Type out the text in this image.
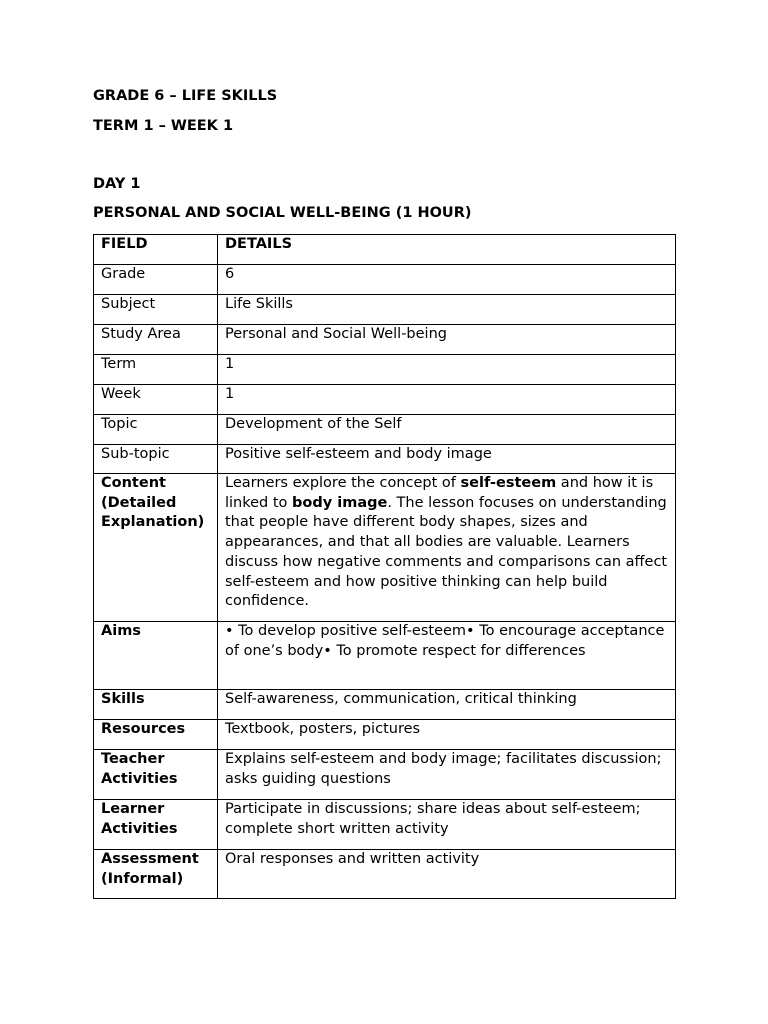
GRADE 6 – LIFE SKILLS
TERM 1 – WEEK 1
DAY 1
PERSONAL AND SOCIAL WELL-BEING (1 HOUR)
FIELD	DETAILS
Grade	6
Subject	Life Skills
Study Area	Personal and Social Well-being
Term	1
Week	1
Topic	Development of the Self
Sub-topic	Positive self-esteem and body image
Content (Detailed Explanation)	Learners explore the concept of self-esteem and how it is linked to body image. The lesson focuses on understanding that people have different body shapes, sizes and appearances, and that all bodies are valuable. Learners discuss how negative comments and comparisons can affect self-esteem and how positive thinking can help build confidence.
Aims	• To develop positive self-esteem• To encourage acceptance of one’s body• To promote respect for differences
Skills	Self-awareness, communication, critical thinking
Resources	Textbook, posters, pictures
Teacher Activities	Explains self-esteem and body image; facilitates discussion; asks guiding questions
Learner Activities	Participate in discussions; share ideas about self-esteem; complete short written activity
Assessment (Informal)	Oral responses and written activity
